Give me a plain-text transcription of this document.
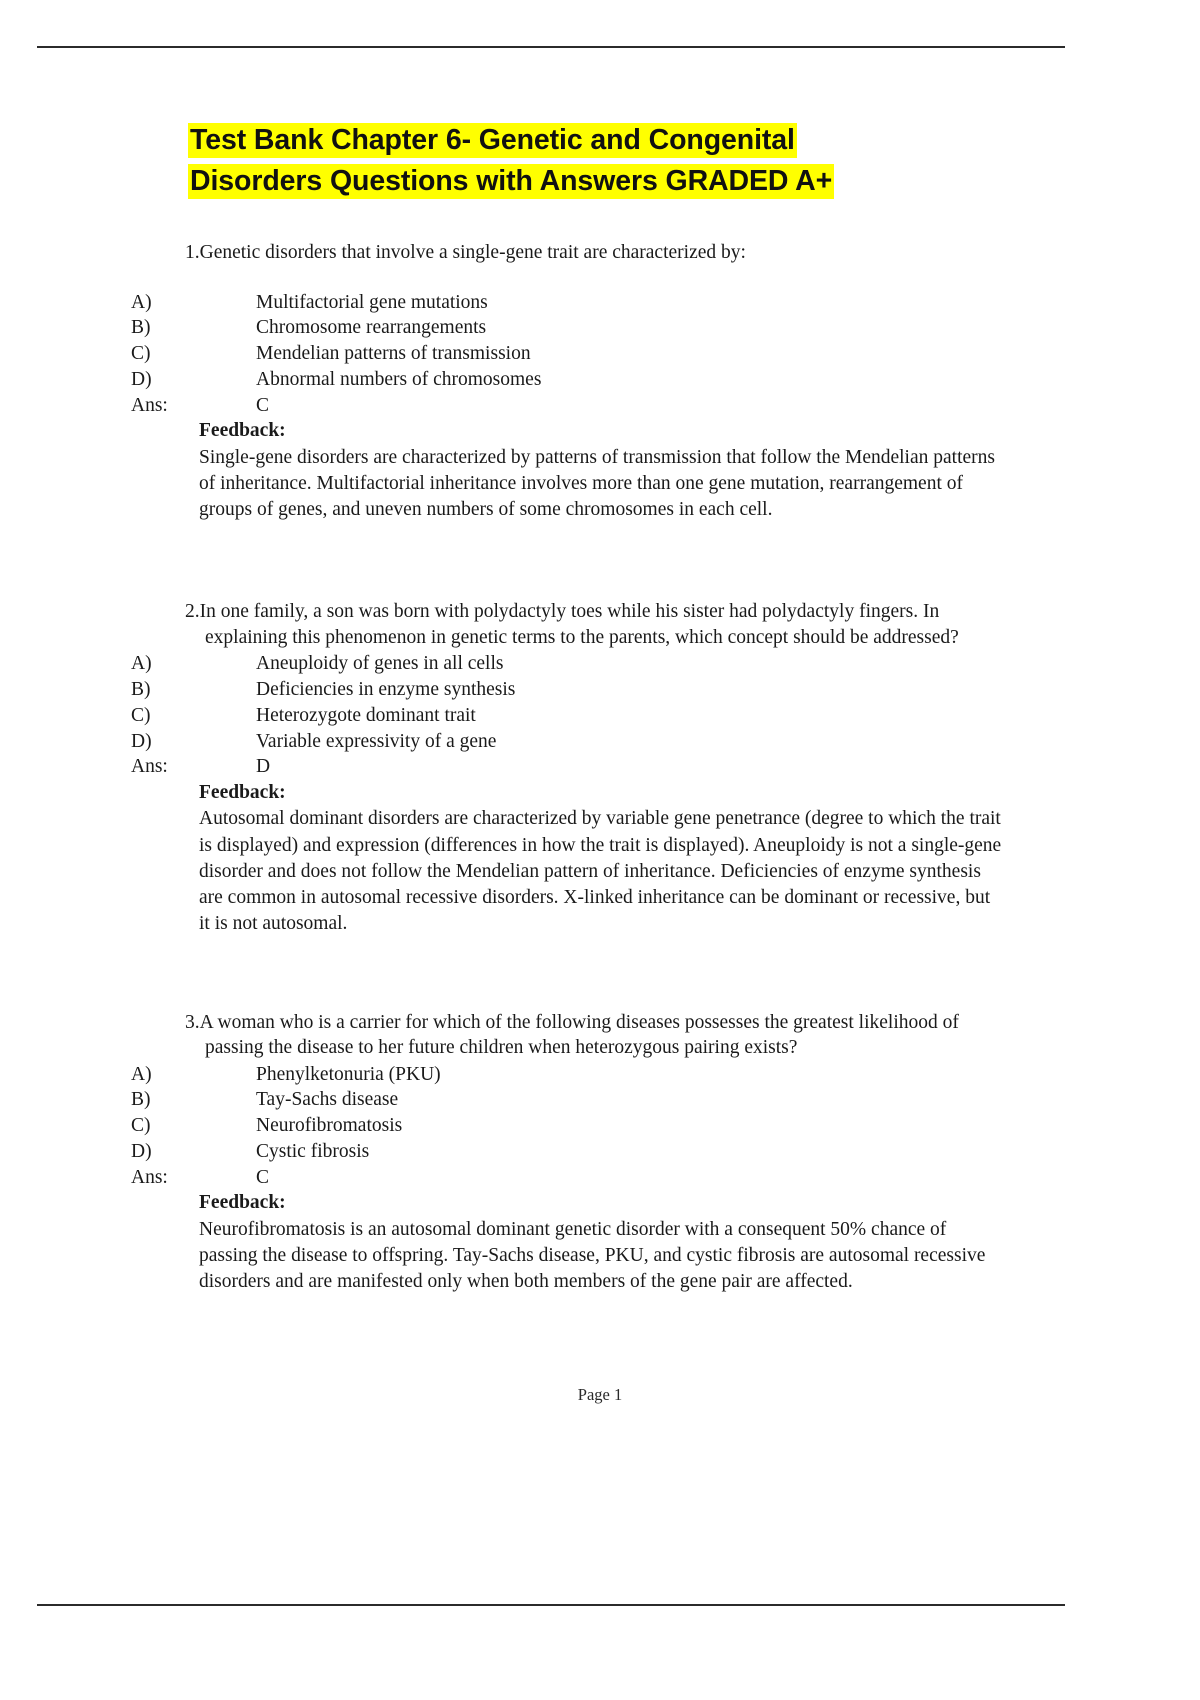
Test Bank Chapter 6- Genetic and Congenital
Disorders Questions with Answers GRADED A+
1.Genetic disorders that involve a single-gene trait are characterized by:
A)	Multifactorial gene mutations
B)	Chromosome rearrangements
C)	Mendelian patterns of transmission
D)	Abnormal numbers of chromosomes
Ans:	C
Feedback:
Single-gene disorders are characterized by patterns of transmission that follow the Mendelian patterns of inheritance. Multifactorial inheritance involves more than one gene mutation, rearrangement of groups of genes, and uneven numbers of some chromosomes in each cell.
2.In one family, a son was born with polydactyly toes while his sister had polydactyly fingers. In explaining this phenomenon in genetic terms to the parents, which concept should be addressed?
A)	Aneuploidy of genes in all cells
B)	Deficiencies in enzyme synthesis
C)	Heterozygote dominant trait
D)	Variable expressivity of a gene
Ans:	D
Feedback:
Autosomal dominant disorders are characterized by variable gene penetrance (degree to which the trait is displayed) and expression (differences in how the trait is displayed). Aneuploidy is not a single-gene disorder and does not follow the Mendelian pattern of inheritance. Deficiencies of enzyme synthesis are common in autosomal recessive disorders. X-linked inheritance can be dominant or recessive, but it is not autosomal.
3.A woman who is a carrier for which of the following diseases possesses the greatest likelihood of passing the disease to her future children when heterozygous pairing exists?
A)	Phenylketonuria (PKU)
B)	Tay-Sachs disease
C)	Neurofibromatosis
D)	Cystic fibrosis
Ans:	C
Feedback:
Neurofibromatosis is an autosomal dominant genetic disorder with a consequent 50% chance of passing the disease to offspring. Tay-Sachs disease, PKU, and cystic fibrosis are autosomal recessive disorders and are manifested only when both members of the gene pair are affected.
Page 1
